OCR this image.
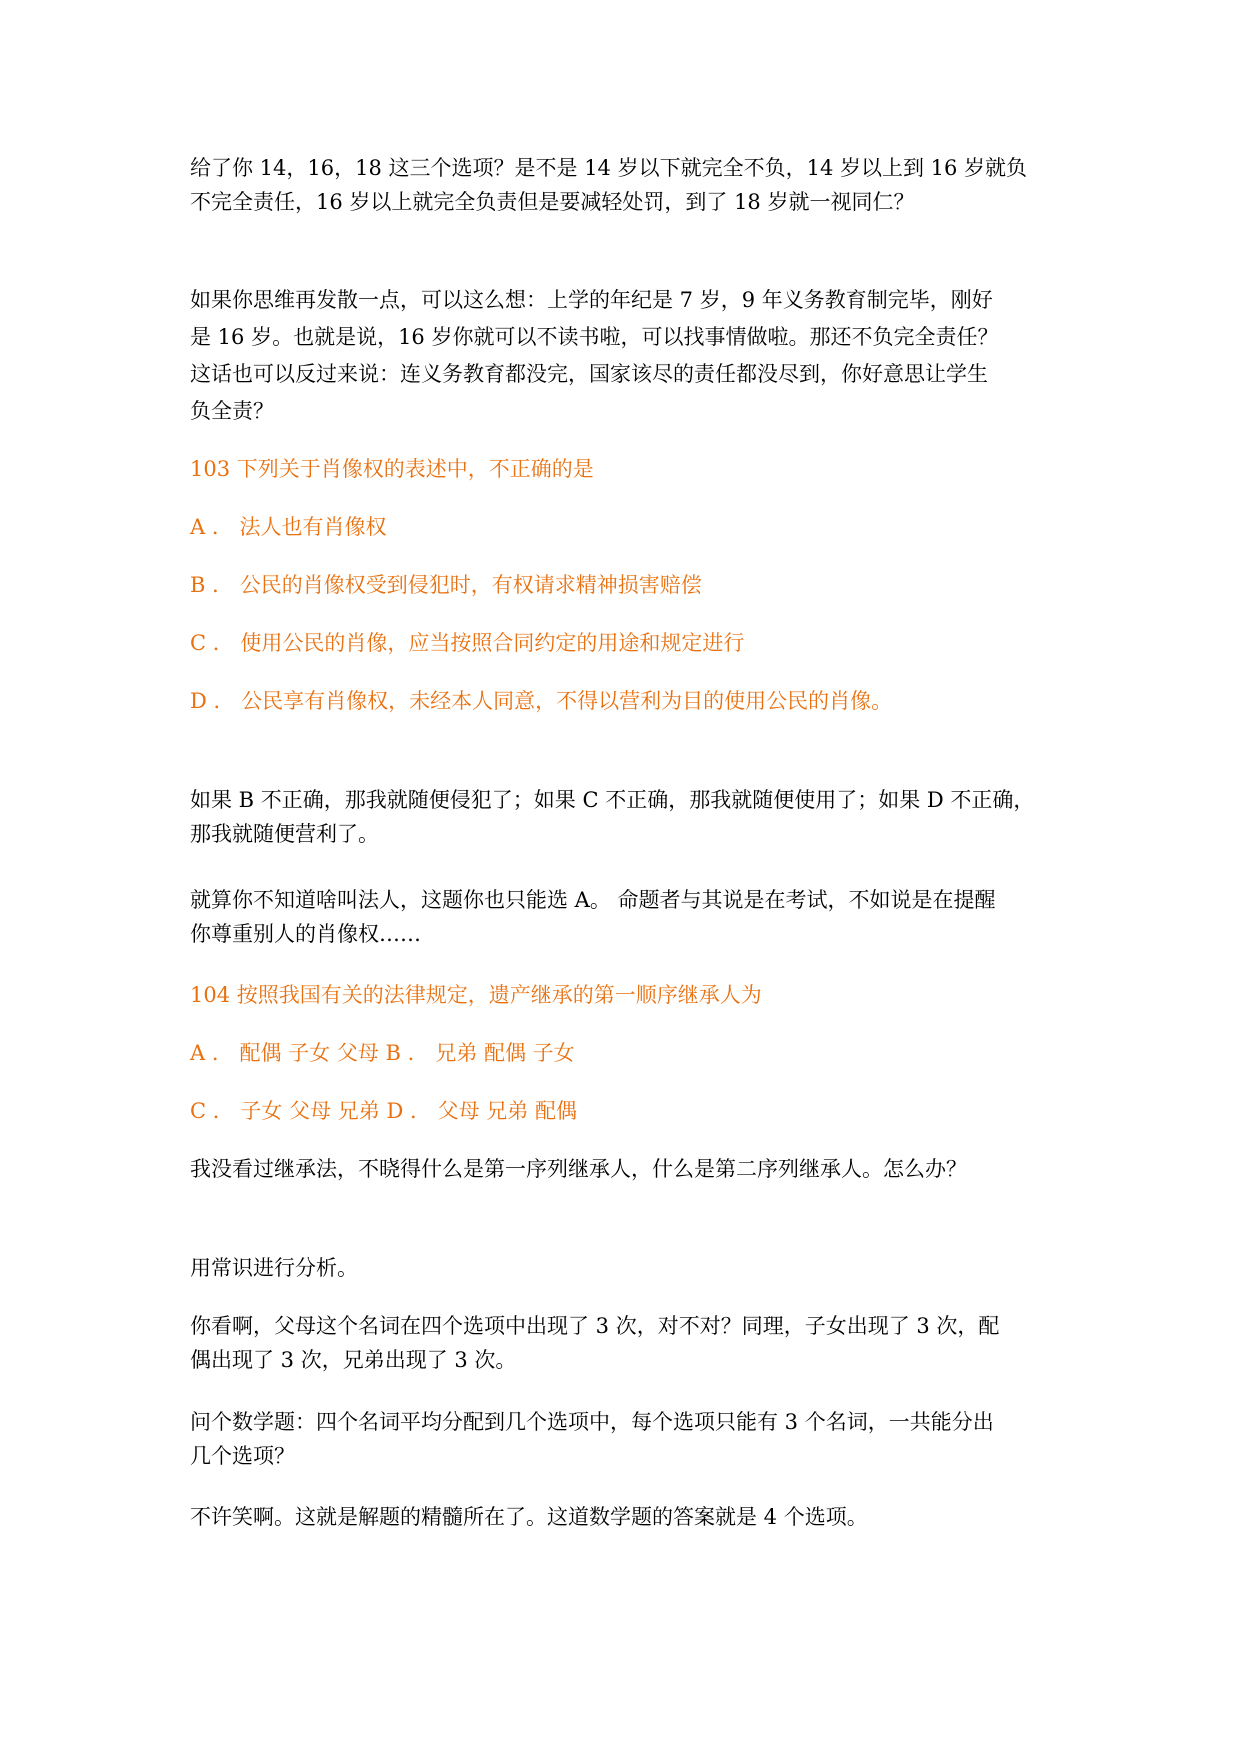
给了你 14，16，18 这三个选项？是不是 14 岁以下就完全不负，14 岁以上到 16 岁就负
不完全责任，16 岁以上就完全负责但是要减轻处罚，到了 18 岁就一视同仁？
如果你思维再发散一点，可以这么想：上学的年纪是 7 岁，9 年义务教育制完毕，刚好
是 16 岁。也就是说，16 岁你就可以不读书啦，可以找事情做啦。那还不负完全责任？
这话也可以反过来说：连义务教育都没完，国家该尽的责任都没尽到，你好意思让学生
负全责？
103 下列关于肖像权的表述中，不正确的是
A ． 法人也有肖像权
B ． 公民的肖像权受到侵犯时，有权请求精神损害赔偿
C ． 使用公民的肖像，应当按照合同约定的用途和规定进行
D ． 公民享有肖像权，未经本人同意，不得以营利为目的使用公民的肖像。
如果 B 不正确，那我就随便侵犯了；如果 C 不正确，那我就随便使用了；如果 D 不正确，
那我就随便营利了。
就算你不知道啥叫法人，这题你也只能选 A。 命题者与其说是在考试，不如说是在提醒
你尊重别人的肖像权……
104 按照我国有关的法律规定，遗产继承的第一顺序继承人为
A ． 配偶 子女 父母 B ． 兄弟 配偶 子女
C ． 子女 父母 兄弟 D ． 父母 兄弟 配偶
我没看过继承法，不晓得什么是第一序列继承人，什么是第二序列继承人。怎么办？
用常识进行分析。
你看啊，父母这个名词在四个选项中出现了 3 次，对不对？同理，子女出现了 3 次，配
偶出现了 3 次，兄弟出现了 3 次。
问个数学题：四个名词平均分配到几个选项中，每个选项只能有 3 个名词，一共能分出
几个选项？
不许笑啊。这就是解题的精髓所在了。这道数学题的答案就是 4 个选项。
